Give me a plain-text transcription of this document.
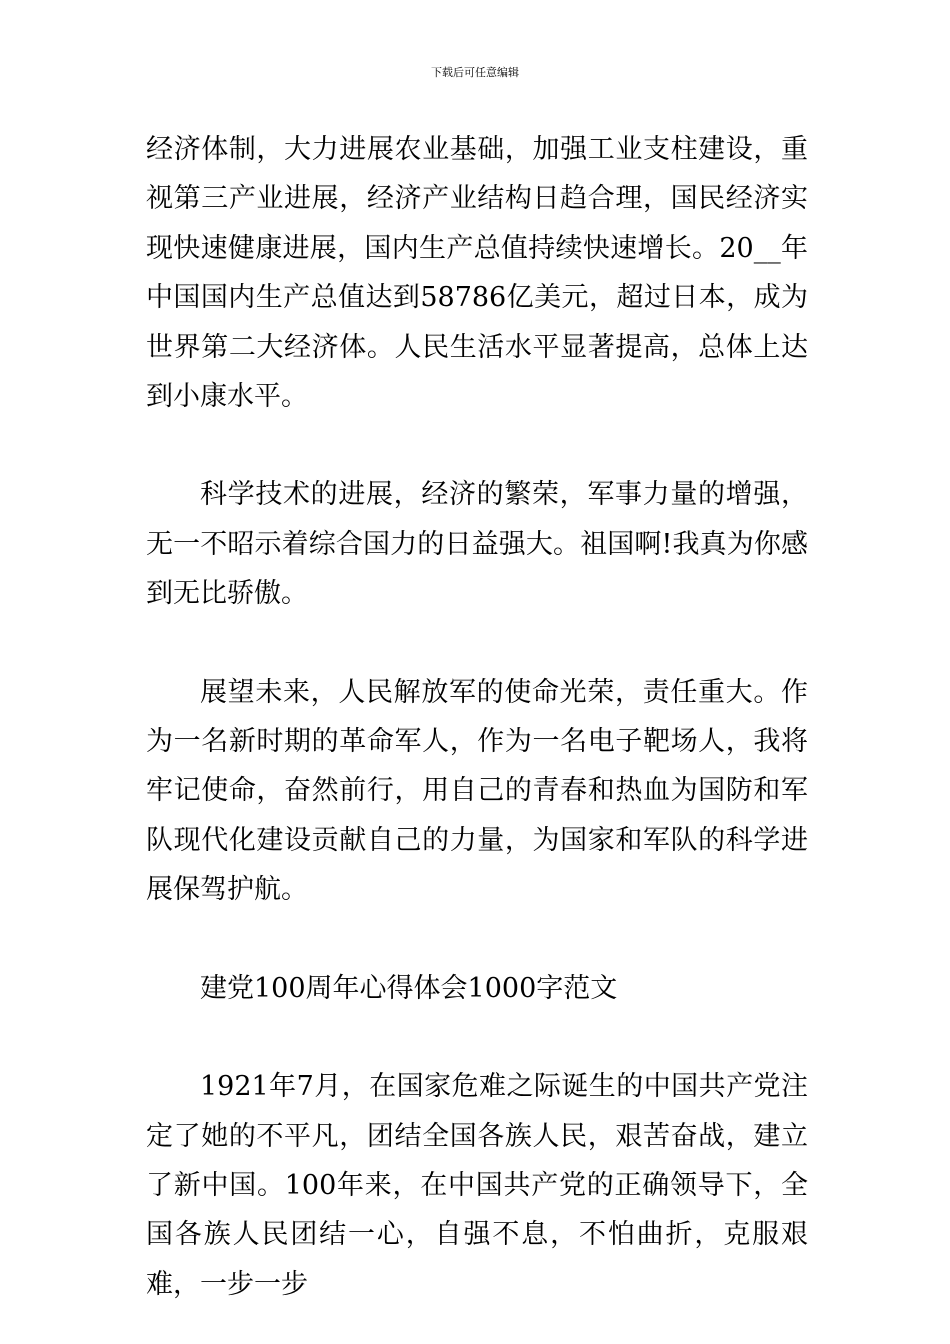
下载后可任意编辑

经济体制，大力进展农业基础，加强工业支柱建设，重视第三产业进展，经济产业结构日趋合理，国民经济实现快速健康进展，国内生产总值持续快速增长。20__年中国国内生产总值达到58786亿美元，超过日本，成为世界第二大经济体。人民生活水平显著提高，总体上达到小康水平。

科学技术的进展，经济的繁荣，军事力量的增强，无一不昭示着综合国力的日益强大。祖国啊!我真为你感到无比骄傲。

展望未来，人民解放军的使命光荣，责任重大。作为一名新时期的革命军人，作为一名电子靶场人，我将牢记使命，奋然前行，用自己的青春和热血为国防和军队现代化建设贡献自己的力量，为国家和军队的科学进展保驾护航。

建党100周年心得体会1000字范文

1921年7月，在国家危难之际诞生的中国共产党注定了她的不平凡，团结全国各族人民，艰苦奋战，建立了新中国。100年来，在中国共产党的正确领导下，全国各族人民团结一心，自强不息，不怕曲折，克服艰难，一步一步
